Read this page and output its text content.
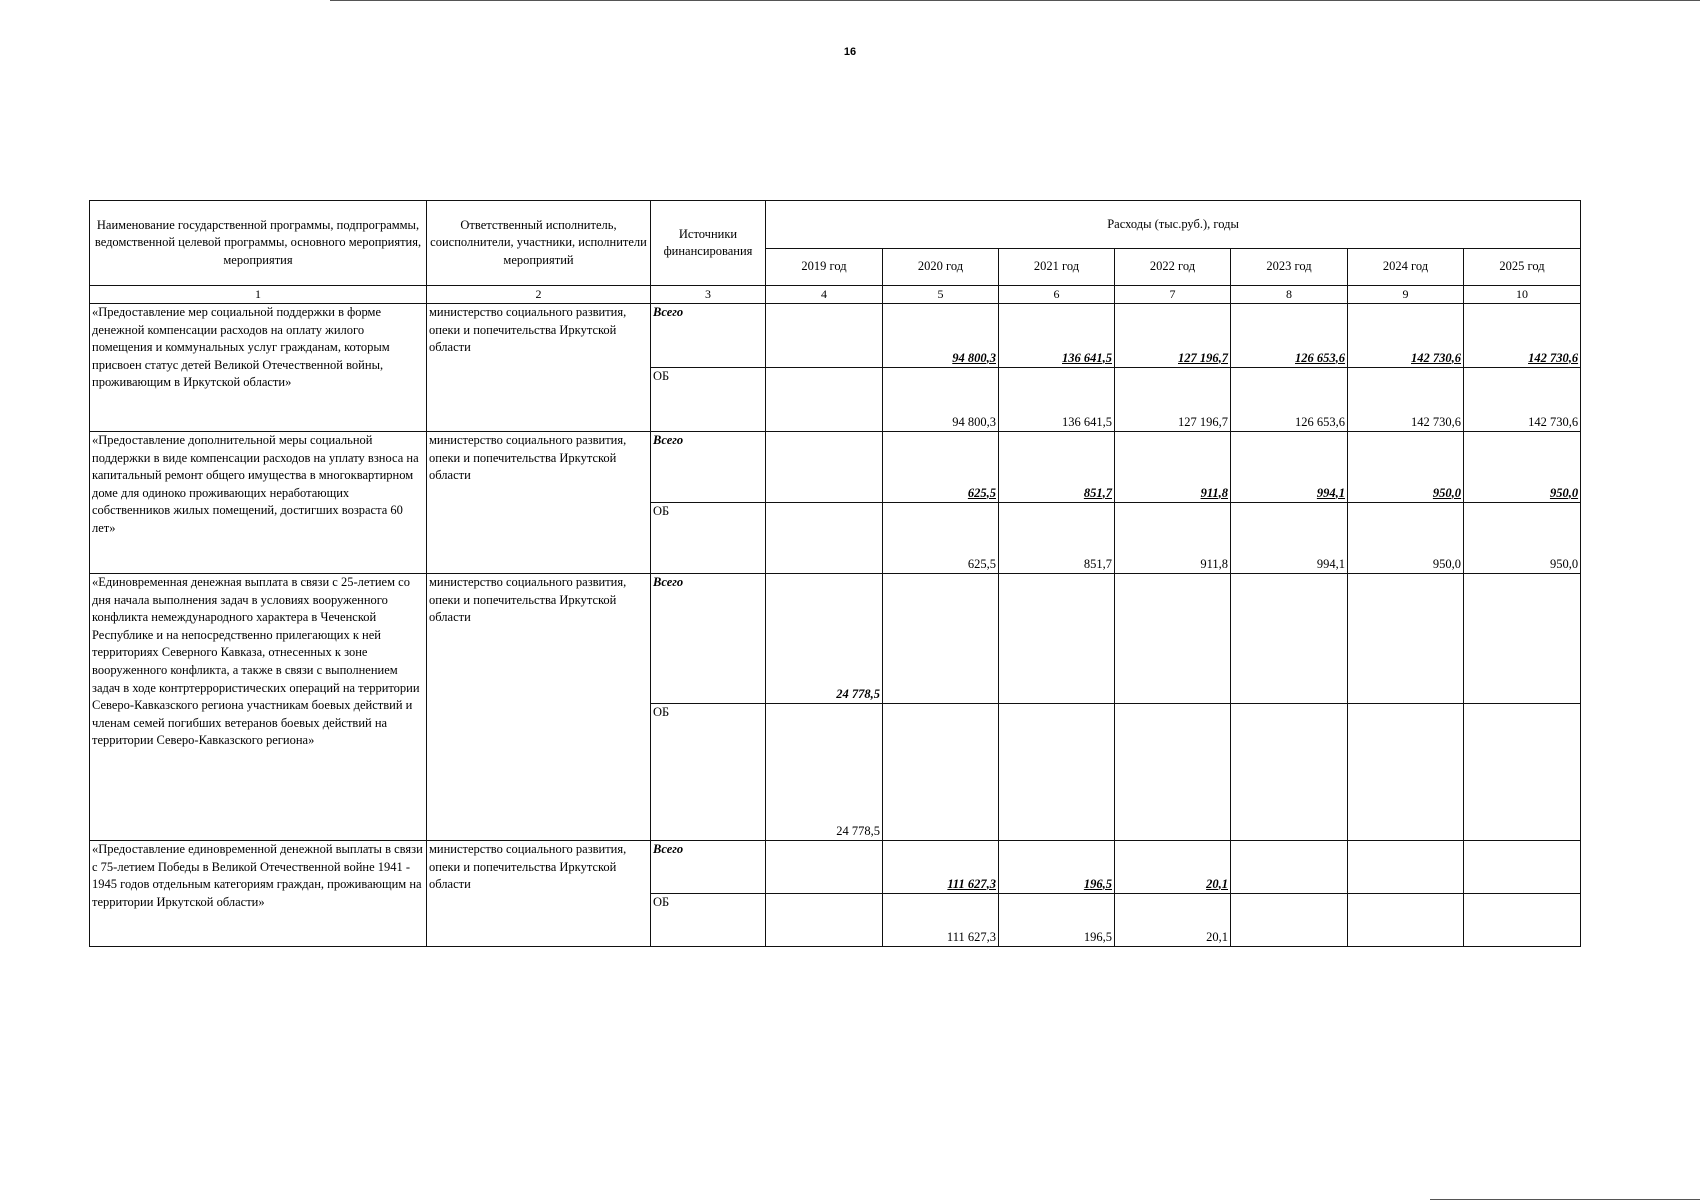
16
Наименование государственной программы, подпрограммы, ведомственной целевой программы, основного мероприятия, мероприятия	Ответственный исполнитель, соисполнители, участники, исполнители мероприятий	Источники финансирования	Расходы (тыс.руб.), годы						
			2019 год	2020 год	2021 год	2022 год	2023 год	2024 год	2025 год
1	2	3	4	5	6	7	8	9	10
«Предоставление мер социальной поддержки в форме денежной компенсации расходов на оплату жилого помещения и коммунальных услуг гражданам, которым присвоен статус детей Великой Отечественной войны, проживающим в Иркутской области»	министерство социального развития, опеки и попечительства Иркутской области	Всего		94 800,3	136 641,5	127 196,7	126 653,6	142 730,6	142 730,6
		ОБ		94 800,3	136 641,5	127 196,7	126 653,6	142 730,6	142 730,6
«Предоставление дополнительной меры социальной поддержки в виде компенсации расходов на уплату взноса на капитальный ремонт общего имущества в многоквартирном доме для одиноко проживающих неработающих собственников жилых помещений, достигших возраста 60 лет»	министерство социального развития, опеки и попечительства Иркутской области	Всего		625,5	851,7	911,8	994,1	950,0	950,0
		ОБ		625,5	851,7	911,8	994,1	950,0	950,0
«Единовременная денежная выплата в связи с 25-летием со дня начала выполнения задач в условиях вооруженного конфликта немеждународного характера в Чеченской Республике и на непосредственно прилегающих к ней территориях Северного Кавказа, отнесенных к зоне вооруженного конфликта, а также в связи с выполнением задач в ходе контртеррористических операций на территории Северо-Кавказского региона участникам боевых действий и членам семей погибших ветеранов боевых действий на территории Северо-Кавказского региона»	министерство социального развития, опеки и попечительства Иркутской области	Всего	24 778,5						
		ОБ	24 778,5						
«Предоставление единовременной денежной выплаты в связи с 75-летием Победы в Великой Отечественной войне 1941 - 1945 годов отдельным категориям граждан, проживающим на территории Иркутской области»	министерство социального развития, опеки и попечительства Иркутской области	Всего		111 627,3	196,5	20,1			
		ОБ		111 627,3	196,5	20,1			
